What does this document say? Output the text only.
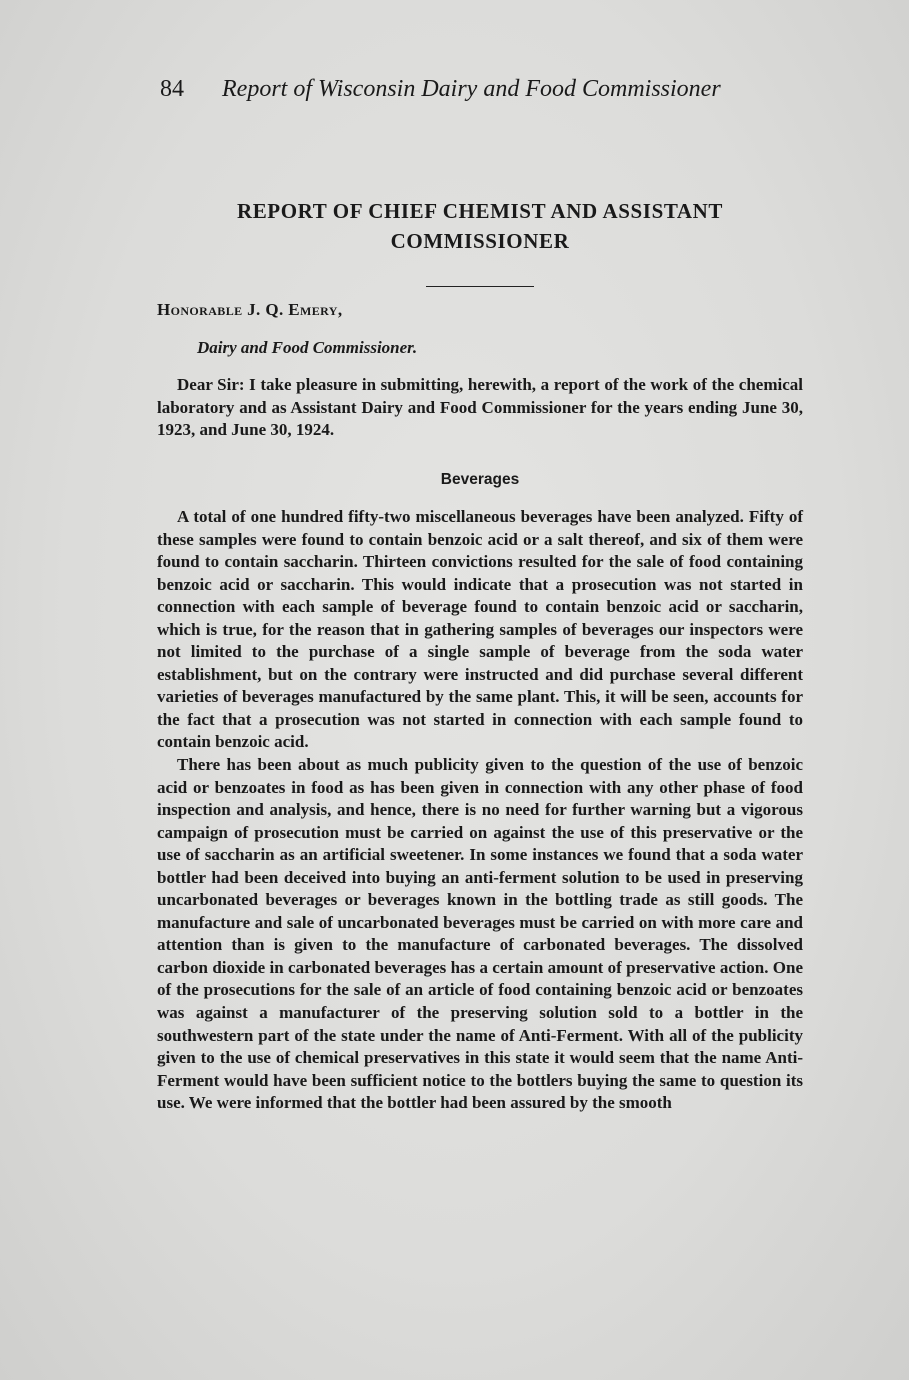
84 Report of Wisconsin Dairy and Food Commissioner
REPORT OF CHIEF CHEMIST AND ASSISTANT COMMISSIONER
Honorable J. Q. Emery,
Dairy and Food Commissioner.

Dear Sir: I take pleasure in submitting, herewith, a report of the work of the chemical laboratory and as Assistant Dairy and Food Commissioner for the years ending June 30, 1923, and June 30, 1924.

Beverages

A total of one hundred fifty-two miscellaneous beverages have been analyzed. Fifty of these samples were found to contain benzoic acid or a salt thereof, and six of them were found to contain saccharin. Thirteen convictions resulted for the sale of food containing benzoic acid or saccharin. This would indicate that a prosecution was not started in connection with each sample of beverage found to contain benzoic acid or saccharin, which is true, for the reason that in gathering samples of beverages our inspectors were not limited to the purchase of a single sample of beverage from the soda water establishment, but on the contrary were instructed and did purchase several different varieties of beverages manufactured by the same plant. This, it will be seen, accounts for the fact that a prosecution was not started in connection with each sample found to contain benzoic acid.

There has been about as much publicity given to the question of the use of benzoic acid or benzoates in food as has been given in connection with any other phase of food inspection and analysis, and hence, there is no need for further warning but a vigorous campaign of prosecution must be carried on against the use of this preservative or the use of saccharin as an artificial sweetener. In some instances we found that a soda water bottler had been deceived into buying an anti-ferment solution to be used in preserving uncarbonated beverages or beverages known in the bottling trade as still goods. The manufacture and sale of uncarbonated beverages must be carried on with more care and attention than is given to the manufacture of carbonated beverages. The dissolved carbon dioxide in carbonated beverages has a certain amount of preservative action. One of the prosecutions for the sale of an article of food containing benzoic acid or benzoates was against a manufacturer of the preserving solution sold to a bottler in the southwestern part of the state under the name of Anti-Ferment. With all of the publicity given to the use of chemical preservatives in this state it would seem that the name Anti-Ferment would have been sufficient notice to the bottlers buying the same to question its use. We were informed that the bottler had been assured by the smooth
